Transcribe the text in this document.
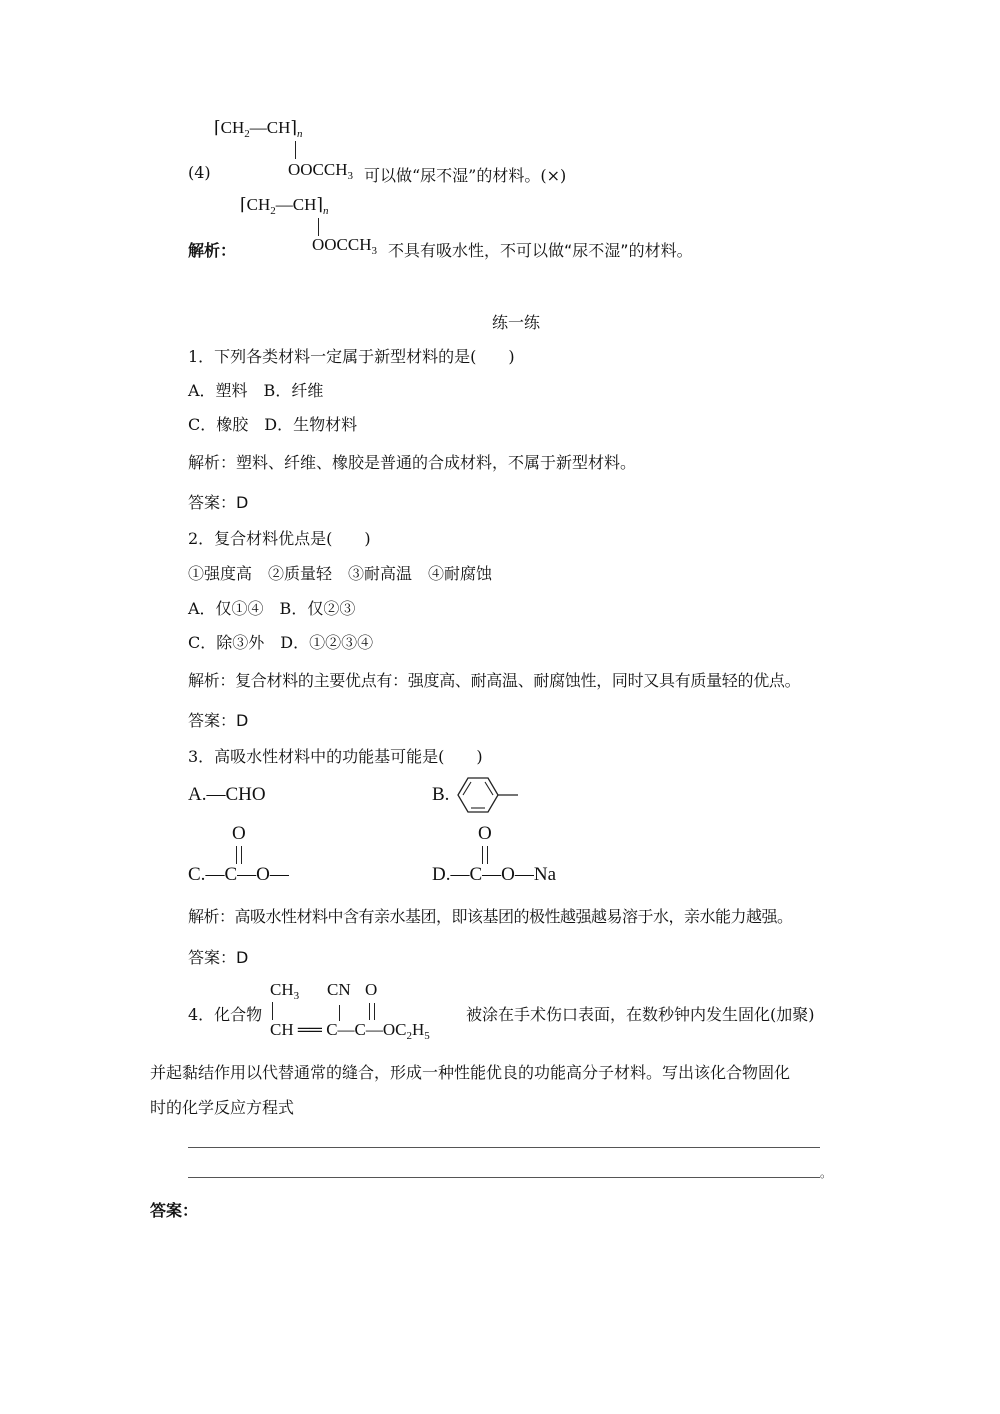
$⌈CH_2—CH⌉_n$
(4)	$OOCCH_3$ 可以做“尿不湿”的材料。(×)
$⌈CH_2—CH⌉_n$
解析：	$OOCCH_3$ 不具有吸水性，不可以做“尿不湿”的材料。
练一练
1．下列各类材料一定属于新型材料的是(　　)
A．塑料　B．纤维
C．橡胶　D．生物材料
解析：塑料、纤维、橡胶是普通的合成材料，不属于新型材料。
答案：D
2．复合材料优点是(　　)
①强度高　②质量轻　③耐高温　④耐腐蚀
A．仅①④　B．仅②③
C．除③外　D．①②③④
解析：复合材料的主要优点有：强度高、耐高温、耐腐蚀性，同时又具有质量轻的优点。
答案：D
3．高吸水性材料中的功能基可能是(　　)
A.—CHO	B.
O
C.—C—O—
O
D.—C—O—Na
解析：高吸水性材料中含有亲水基团，即该基团的极性越强越易溶于水，亲水能力越强。
答案：D
$CH_3$ CN O
4．化合物
CH ══ $C—C—OC_2H_5$
被涂在手术伤口表面，在数秒钟内发生固化(加聚)
并起黏结作用以代替通常的缝合，形成一种性能优良的功能高分子材料。写出该化合物固化
时的化学反应方程式
。
答案：
